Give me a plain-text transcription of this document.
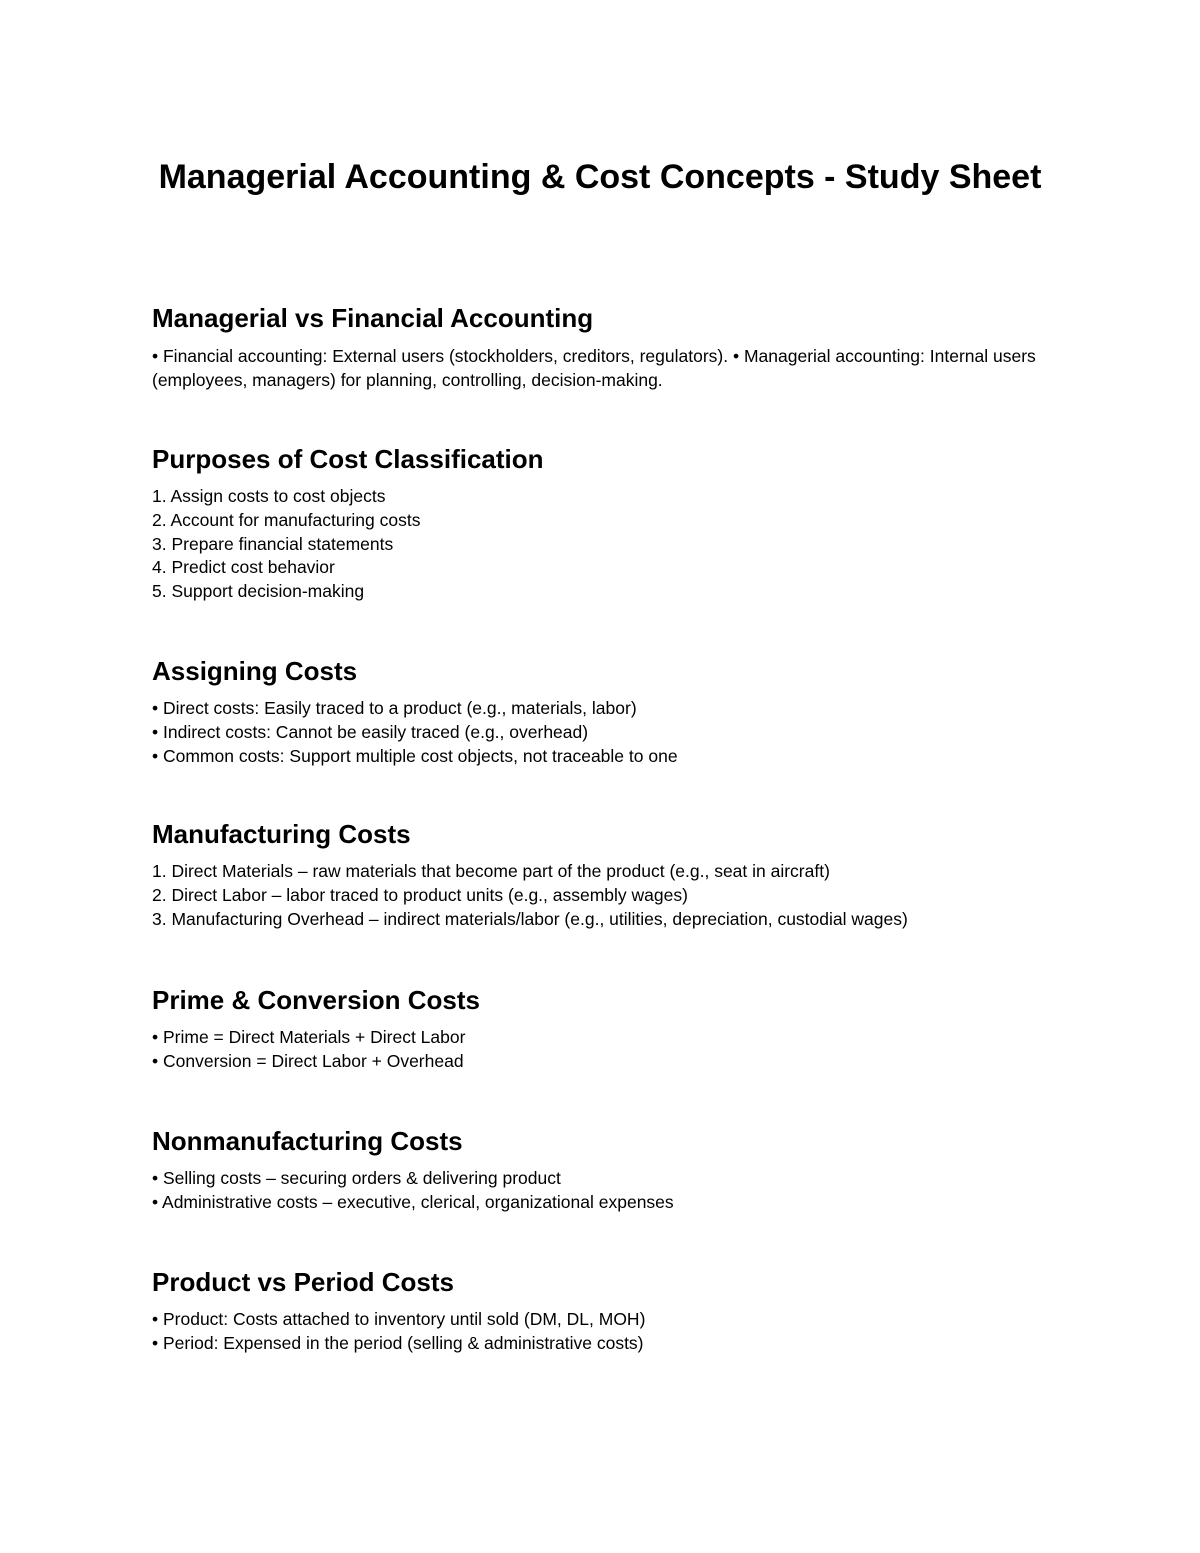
Managerial Accounting & Cost Concepts - Study Sheet
Managerial vs Financial Accounting

• Financial accounting: External users (stockholders, creditors, regulators). • Managerial accounting: Internal users (employees, managers) for planning, controlling, decision-making.

Purposes of Cost Classification
1. Assign costs to cost objects
2. Account for manufacturing costs
3. Prepare financial statements
4. Predict cost behavior
5. Support decision-making
Assigning Costs
• Direct costs: Easily traced to a product (e.g., materials, labor)
• Indirect costs: Cannot be easily traced (e.g., overhead)
• Common costs: Support multiple cost objects, not traceable to one
Manufacturing Costs
1. Direct Materials – raw materials that become part of the product (e.g., seat in aircraft)
2. Direct Labor – labor traced to product units (e.g., assembly wages)
3. Manufacturing Overhead – indirect materials/labor (e.g., utilities, depreciation, custodial wages)
Prime & Conversion Costs
• Prime = Direct Materials + Direct Labor
• Conversion = Direct Labor + Overhead
Nonmanufacturing Costs
• Selling costs – securing orders & delivering product
• Administrative costs – executive, clerical, organizational expenses
Product vs Period Costs
• Product: Costs attached to inventory until sold (DM, DL, MOH)
• Period: Expensed in the period (selling & administrative costs)
